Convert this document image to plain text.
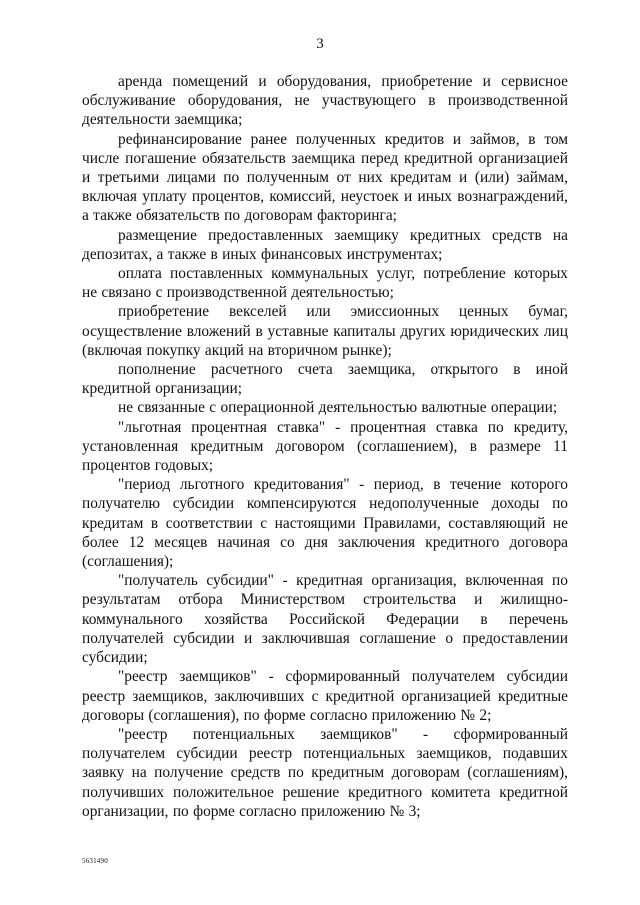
3

аренда помещений и оборудования, приобретение и сервисное обслуживание оборудования, не участвующего в производственной деятельности заемщика;

рефинансирование ранее полученных кредитов и займов, в том числе погашение обязательств заемщика перед кредитной организацией и третьими лицами по полученным от них кредитам и (или) займам, включая уплату процентов, комиссий, неустоек и иных вознаграждений, а также обязательств по договорам факторинга;

размещение предоставленных заемщику кредитных средств на депозитах, а также в иных финансовых инструментах;

оплата поставленных коммунальных услуг, потребление которых не связано с производственной деятельностью;

приобретение векселей или эмиссионных ценных бумаг, осуществление вложений в уставные капиталы других юридических лиц (включая покупку акций на вторичном рынке);

пополнение расчетного счета заемщика, открытого в иной кредитной организации;

не связанные с операционной деятельностью валютные операции;

"льготная процентная ставка" - процентная ставка по кредиту, установленная кредитным договором (соглашением), в размере 11 процентов годовых;

"период льготного кредитования" - период, в течение которого получателю субсидии компенсируются недополученные доходы по кредитам в соответствии с настоящими Правилами, составляющий не более 12 месяцев начиная со дня заключения кредитного договора (соглашения);

"получатель субсидии" - кредитная организация, включенная по результатам отбора Министерством строительства и жилищно-коммунального хозяйства Российской Федерации в перечень получателей субсидии и заключившая соглашение о предоставлении субсидии;

"реестр заемщиков" - сформированный получателем субсидии реестр заемщиков, заключивших с кредитной организацией кредитные договоры (соглашения), по форме согласно приложению № 2;

"реестр потенциальных заемщиков" - сформированный получателем субсидии реестр потенциальных заемщиков, подавших заявку на получение средств по кредитным договорам (соглашениям), получивших положительное решение кредитного комитета кредитной организации, по форме согласно приложению № 3;

5631490
